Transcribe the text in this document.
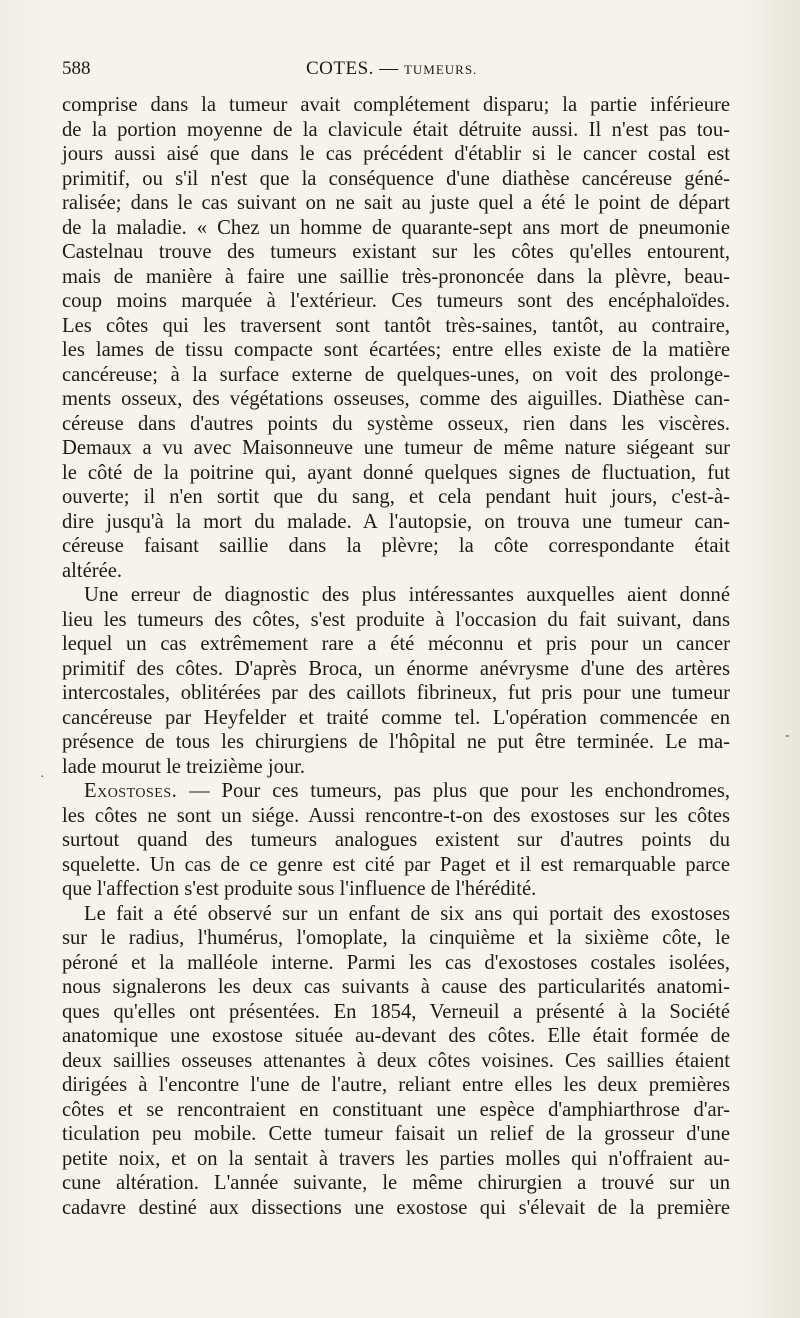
588	COTES. — TUMEURS.

comprise dans la tumeur avait complétement disparu; la partie inférieure

de la portion moyenne de la clavicule était détruite aussi. Il n'est pas tou-

jours aussi aisé que dans le cas précédent d'établir si le cancer costal est

primitif, ou s'il n'est que la conséquence d'une diathèse cancéreuse géné-

ralisée; dans le cas suivant on ne sait au juste quel a été le point de départ

de la maladie. « Chez un homme de quarante-sept ans mort de pneumonie

Castelnau trouve des tumeurs existant sur les côtes qu'elles entourent,

mais de manière à faire une saillie très-prononcée dans la plèvre, beau-

coup moins marquée à l'extérieur. Ces tumeurs sont des encéphaloïdes.

Les côtes qui les traversent sont tantôt très-saines, tantôt, au contraire,

les lames de tissu compacte sont écartées; entre elles existe de la matière

cancéreuse; à la surface externe de quelques-unes, on voit des prolonge-

ments osseux, des végétations osseuses, comme des aiguilles. Diathèse can-

céreuse dans d'autres points du système osseux, rien dans les viscères.

Demaux a vu avec Maisonneuve une tumeur de même nature siégeant sur

le côté de la poitrine qui, ayant donné quelques signes de fluctuation, fut

ouverte; il n'en sortit que du sang, et cela pendant huit jours, c'est-à-

dire jusqu'à la mort du malade. A l'autopsie, on trouva une tumeur can-

céreuse faisant saillie dans la plèvre; la côte correspondante était

altérée.

Une erreur de diagnostic des plus intéressantes auxquelles aient donné

lieu les tumeurs des côtes, s'est produite à l'occasion du fait suivant, dans

lequel un cas extrêmement rare a été méconnu et pris pour un cancer

primitif des côtes. D'après Broca, un énorme anévrysme d'une des artères

intercostales, oblitérées par des caillots fibrineux, fut pris pour une tumeur

cancéreuse par Heyfelder et traité comme tel. L'opération commencée en

présence de tous les chirurgiens de l'hôpital ne put être terminée. Le ma-

lade mourut le treizième jour.

Exostoses. — Pour ces tumeurs, pas plus que pour les enchondromes,

les côtes ne sont un siége. Aussi rencontre-t-on des exostoses sur les côtes

surtout quand des tumeurs analogues existent sur d'autres points du

squelette. Un cas de ce genre est cité par Paget et il est remarquable parce

que l'affection s'est produite sous l'influence de l'hérédité.

Le fait a été observé sur un enfant de six ans qui portait des exostoses

sur le radius, l'humérus, l'omoplate, la cinquième et la sixième côte, le

péroné et la malléole interne. Parmi les cas d'exostoses costales isolées,

nous signalerons les deux cas suivants à cause des particularités anatomi-

ques qu'elles ont présentées. En 1854, Verneuil a présenté à la Société

anatomique une exostose située au-devant des côtes. Elle était formée de

deux saillies osseuses attenantes à deux côtes voisines. Ces saillies étaient

dirigées à l'encontre l'une de l'autre, reliant entre elles les deux premières

côtes et se rencontraient en constituant une espèce d'amphiarthrose d'ar-

ticulation peu mobile. Cette tumeur faisait un relief de la grosseur d'une

petite noix, et on la sentait à travers les parties molles qui n'offraient au-

cune altération. L'année suivante, le même chirurgien a trouvé sur un

cadavre destiné aux dissections une exostose qui s'élevait de la première

-
·
